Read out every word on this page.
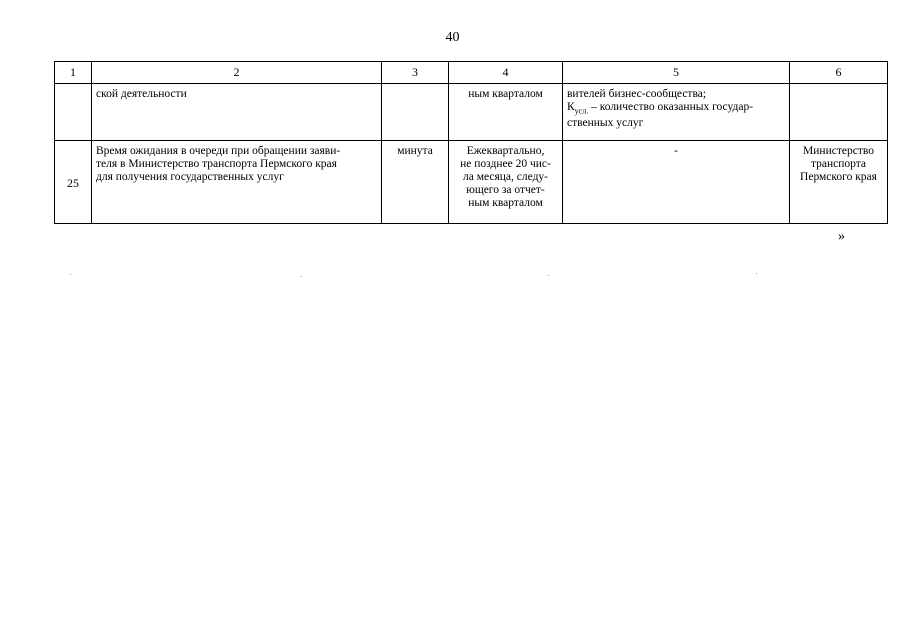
40
1	2	3	4	5	6
	ской деятельности		ным кварталом	вителей бизнес-сообщества;
$К_{усл.}$ – количество оказанных государ-
ственных услуг	
25	Время ожидания в очереди при обращении заяви-
теля в Министерство транспорта Пермского края
для получения государственных услуг	минута	Ежеквартально,
не позднее 20 чис-
ла месяца, следу-
ющего за отчет-
ным кварталом	-	Министерство
транспорта
Пермского края
»
